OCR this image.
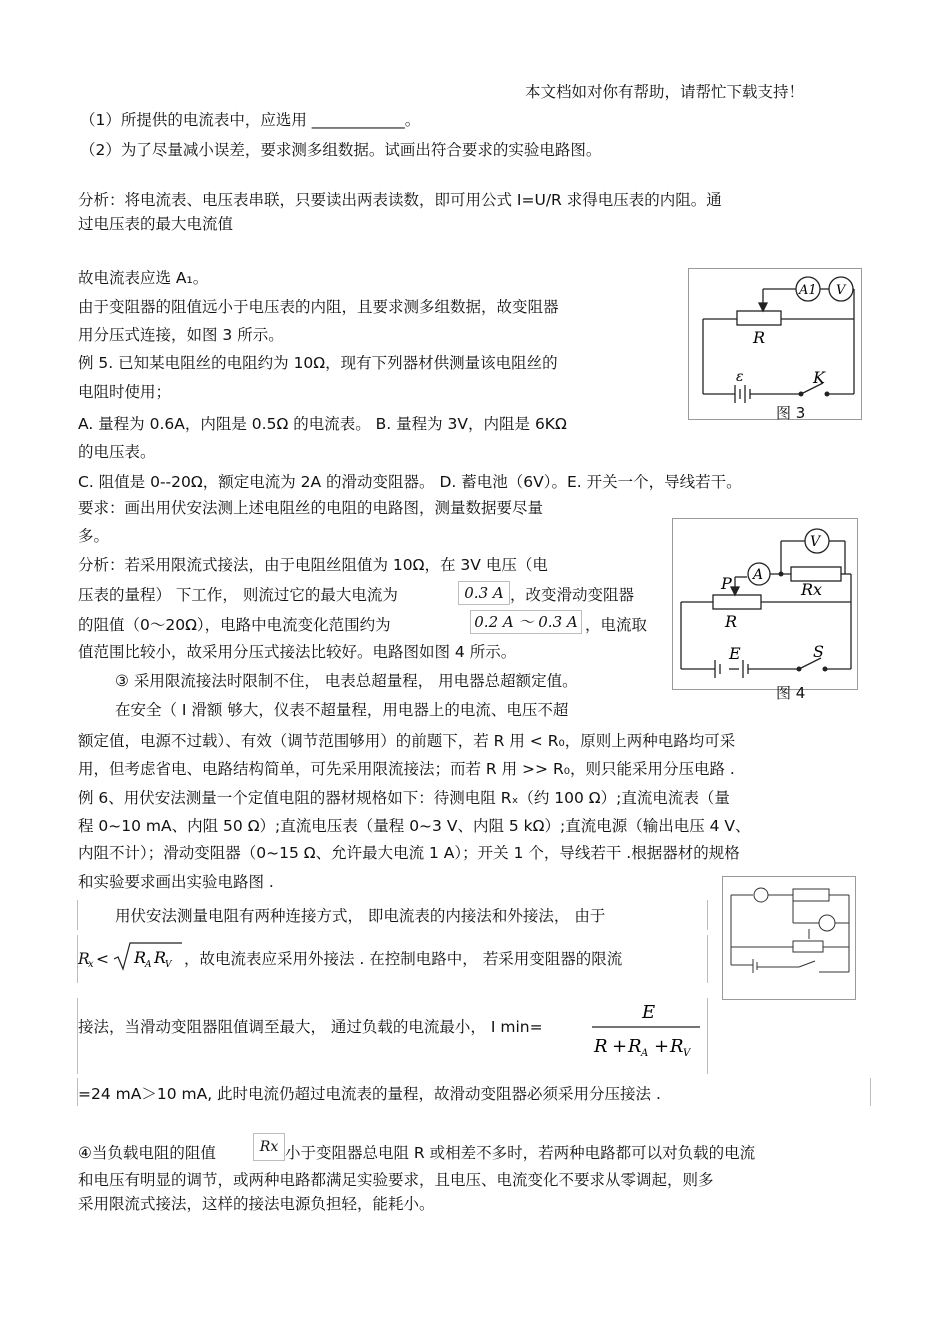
本文档如对你有帮助，请帮忙下载支持！
（1）所提供的电流表中，应选用 ____________。
（2）为了尽量减小误差，要求测多组数据。试画出符合要求的实验电路图。
分析：将电流表、电压表串联，只要读出两表读数，即可用公式 I=U/R 求得电压表的内阻。通
过电压表的最大电流值
故电流表应选 A₁。
由于变阻器的阻值远小于电压表的内阻，且要求测多组数据，故变阻器
用分压式连接，如图 3 所示。
例 5. 已知某电阻丝的电阻约为 10Ω，现有下列器材供测量该电阻丝的
电阻时使用；
A. 量程为 0.6A，内阻是 0.5Ω 的电流表。 B. 量程为 3V，内阻是 6KΩ
的电压表。
C. 阻值是 0--20Ω，额定电流为 2A 的滑动变阻器。 D. 蓄电池（6V）。E. 开关一个，导线若干。
要求：画出用伏安法测上述电阻丝的电阻的电路图，测量数据要尽量
多。
分析：若采用限流式接法，由于电阻丝阻值为 10Ω，在 3V 电压（电
压表的量程） 下工作， 则流过它的最大电流为	0.3 A ，改变滑动变阻器
的阻值（0～20Ω），电路中电流变化范围约为	0.2 A ～ 0.3 A ，电流取
值范围比较小，故采用分压式接法比较好。电路图如图 4 所示。
③ 采用限流接法时限制不住， 电表总超量程， 用电器总超额定值。
在安全（ I 滑额 够大，仪表不超量程，用电器上的电流、电压不超
额定值，电源不过载）、有效（调节范围够用）的前题下，若 R 用 < R₀，原则上两种电路均可采
用，但考虑省电、电路结构简单，可先采用限流接法；而若 R 用 >> R₀，则只能采用分压电路 .
例 6、用伏安法测量一个定值电阻的器材规格如下：待测电阻 Rₓ（约 100 Ω）;直流电流表（量
程 0~10 mA、内阻 50 Ω）;直流电压表（量程 0~3 V、内阻 5 kΩ）;直流电源（输出电压 4 V、
内阻不计）；滑动变阻器（0~15 Ω、允许最大电流 1 A）；开关 1 个，导线若干 .根据器材的规格
和实验要求画出实验电路图 .
用伏安法测量电阻有两种连接方式， 即电流表的内接法和外接法， 由于
R
x < R
A R
V ，故电流表应采用外接法 . 在控制电路中， 若采用变阻器的限流
接法，当滑动变阻器阻值调至最大， 通过负载的电流最小， I min=
E
R + R A + R V
=24 mA＞10 mA, 此时电流仍超过电流表的量程，故滑动变阻器必须采用分压接法 .
④当负载电阻的阻值	Rx 小于变阻器总电阻 R 或相差不多时，若两种电路都可以对负载的电流
和电压有明显的调节，或两种电路都满足实验要求，且电压、电流变化不要求从零调起，则多
采用限流式接法，这样的接法电源负担轻，能耗小。
A1 V
R
ε	K
图 3
A
V
P	Rx
R
E	S
图 4
